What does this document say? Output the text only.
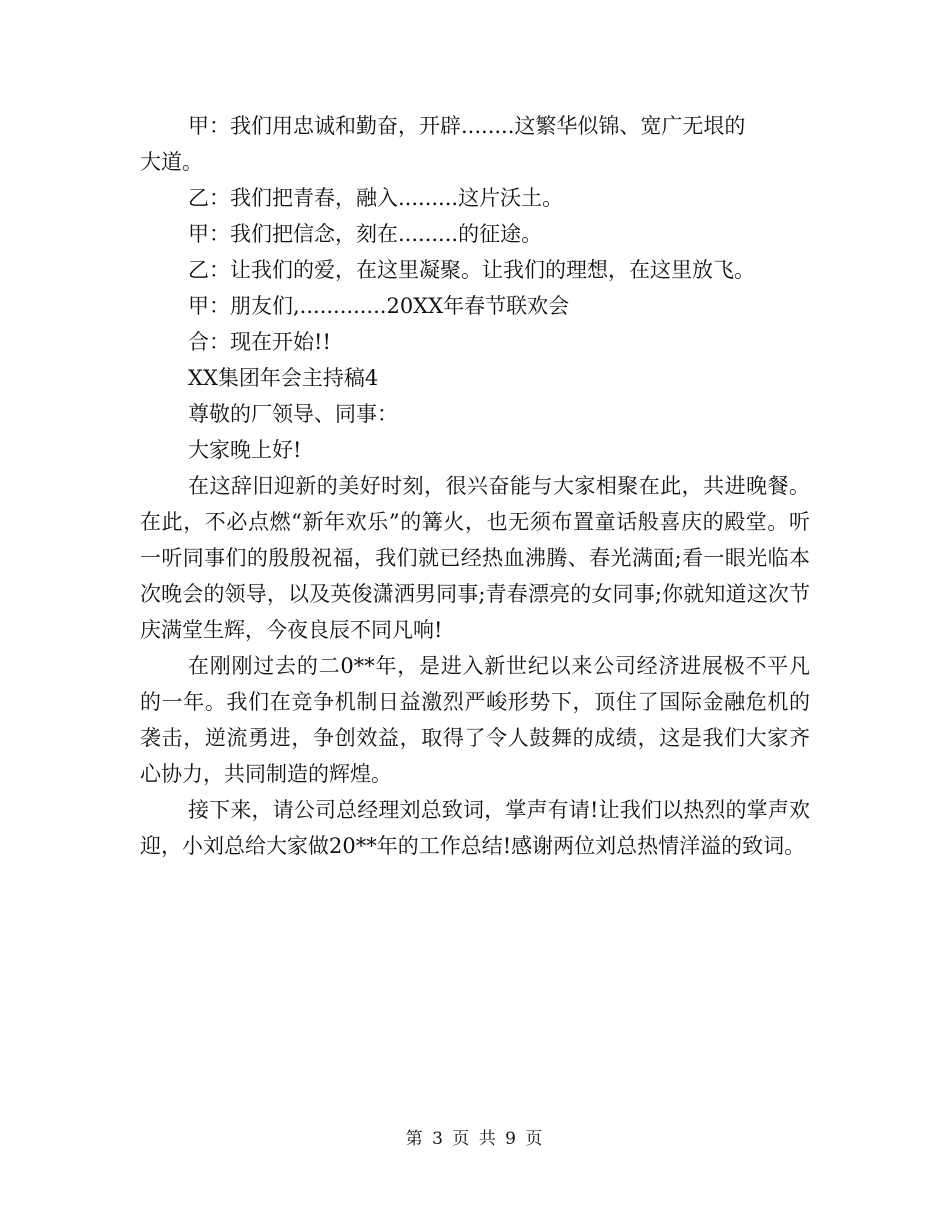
甲：我们用忠诚和勤奋，开辟........这繁华似锦、宽广无垠的

大道。

乙：我们把青春，融入.........这片沃土。

甲：我们把信念，刻在.........的征途。

乙：让我们的爱，在这里凝聚。让我们的理想，在这里放飞。

甲：朋友们,.............20XX年春节联欢会

合：现在开始!!

XX集团年会主持稿4

尊敬的厂领导、同事：

大家晚上好!

在这辞旧迎新的美好时刻，很兴奋能与大家相聚在此，共进晚餐。在此，不必点燃“新年欢乐”的篝火，也无须布置童话般喜庆的殿堂。听一听同事们的殷殷祝福，我们就已经热血沸腾、春光满面;看一眼光临本次晚会的领导，以及英俊潇洒男同事;青春漂亮的女同事;你就知道这次节庆满堂生辉，今夜良辰不同凡响!

在刚刚过去的二0**年，是进入新世纪以来公司经济进展极不平凡的一年。我们在竞争机制日益激烈严峻形势下，顶住了国际金融危机的袭击，逆流勇进，争创效益，取得了令人鼓舞的成绩，这是我们大家齐心协力，共同制造的辉煌。

接下来，请公司总经理刘总致词，掌声有请!让我们以热烈的掌声欢迎，小刘总给大家做20**年的工作总结!感谢两位刘总热情洋溢的致词。

第 3 页 共 9 页
